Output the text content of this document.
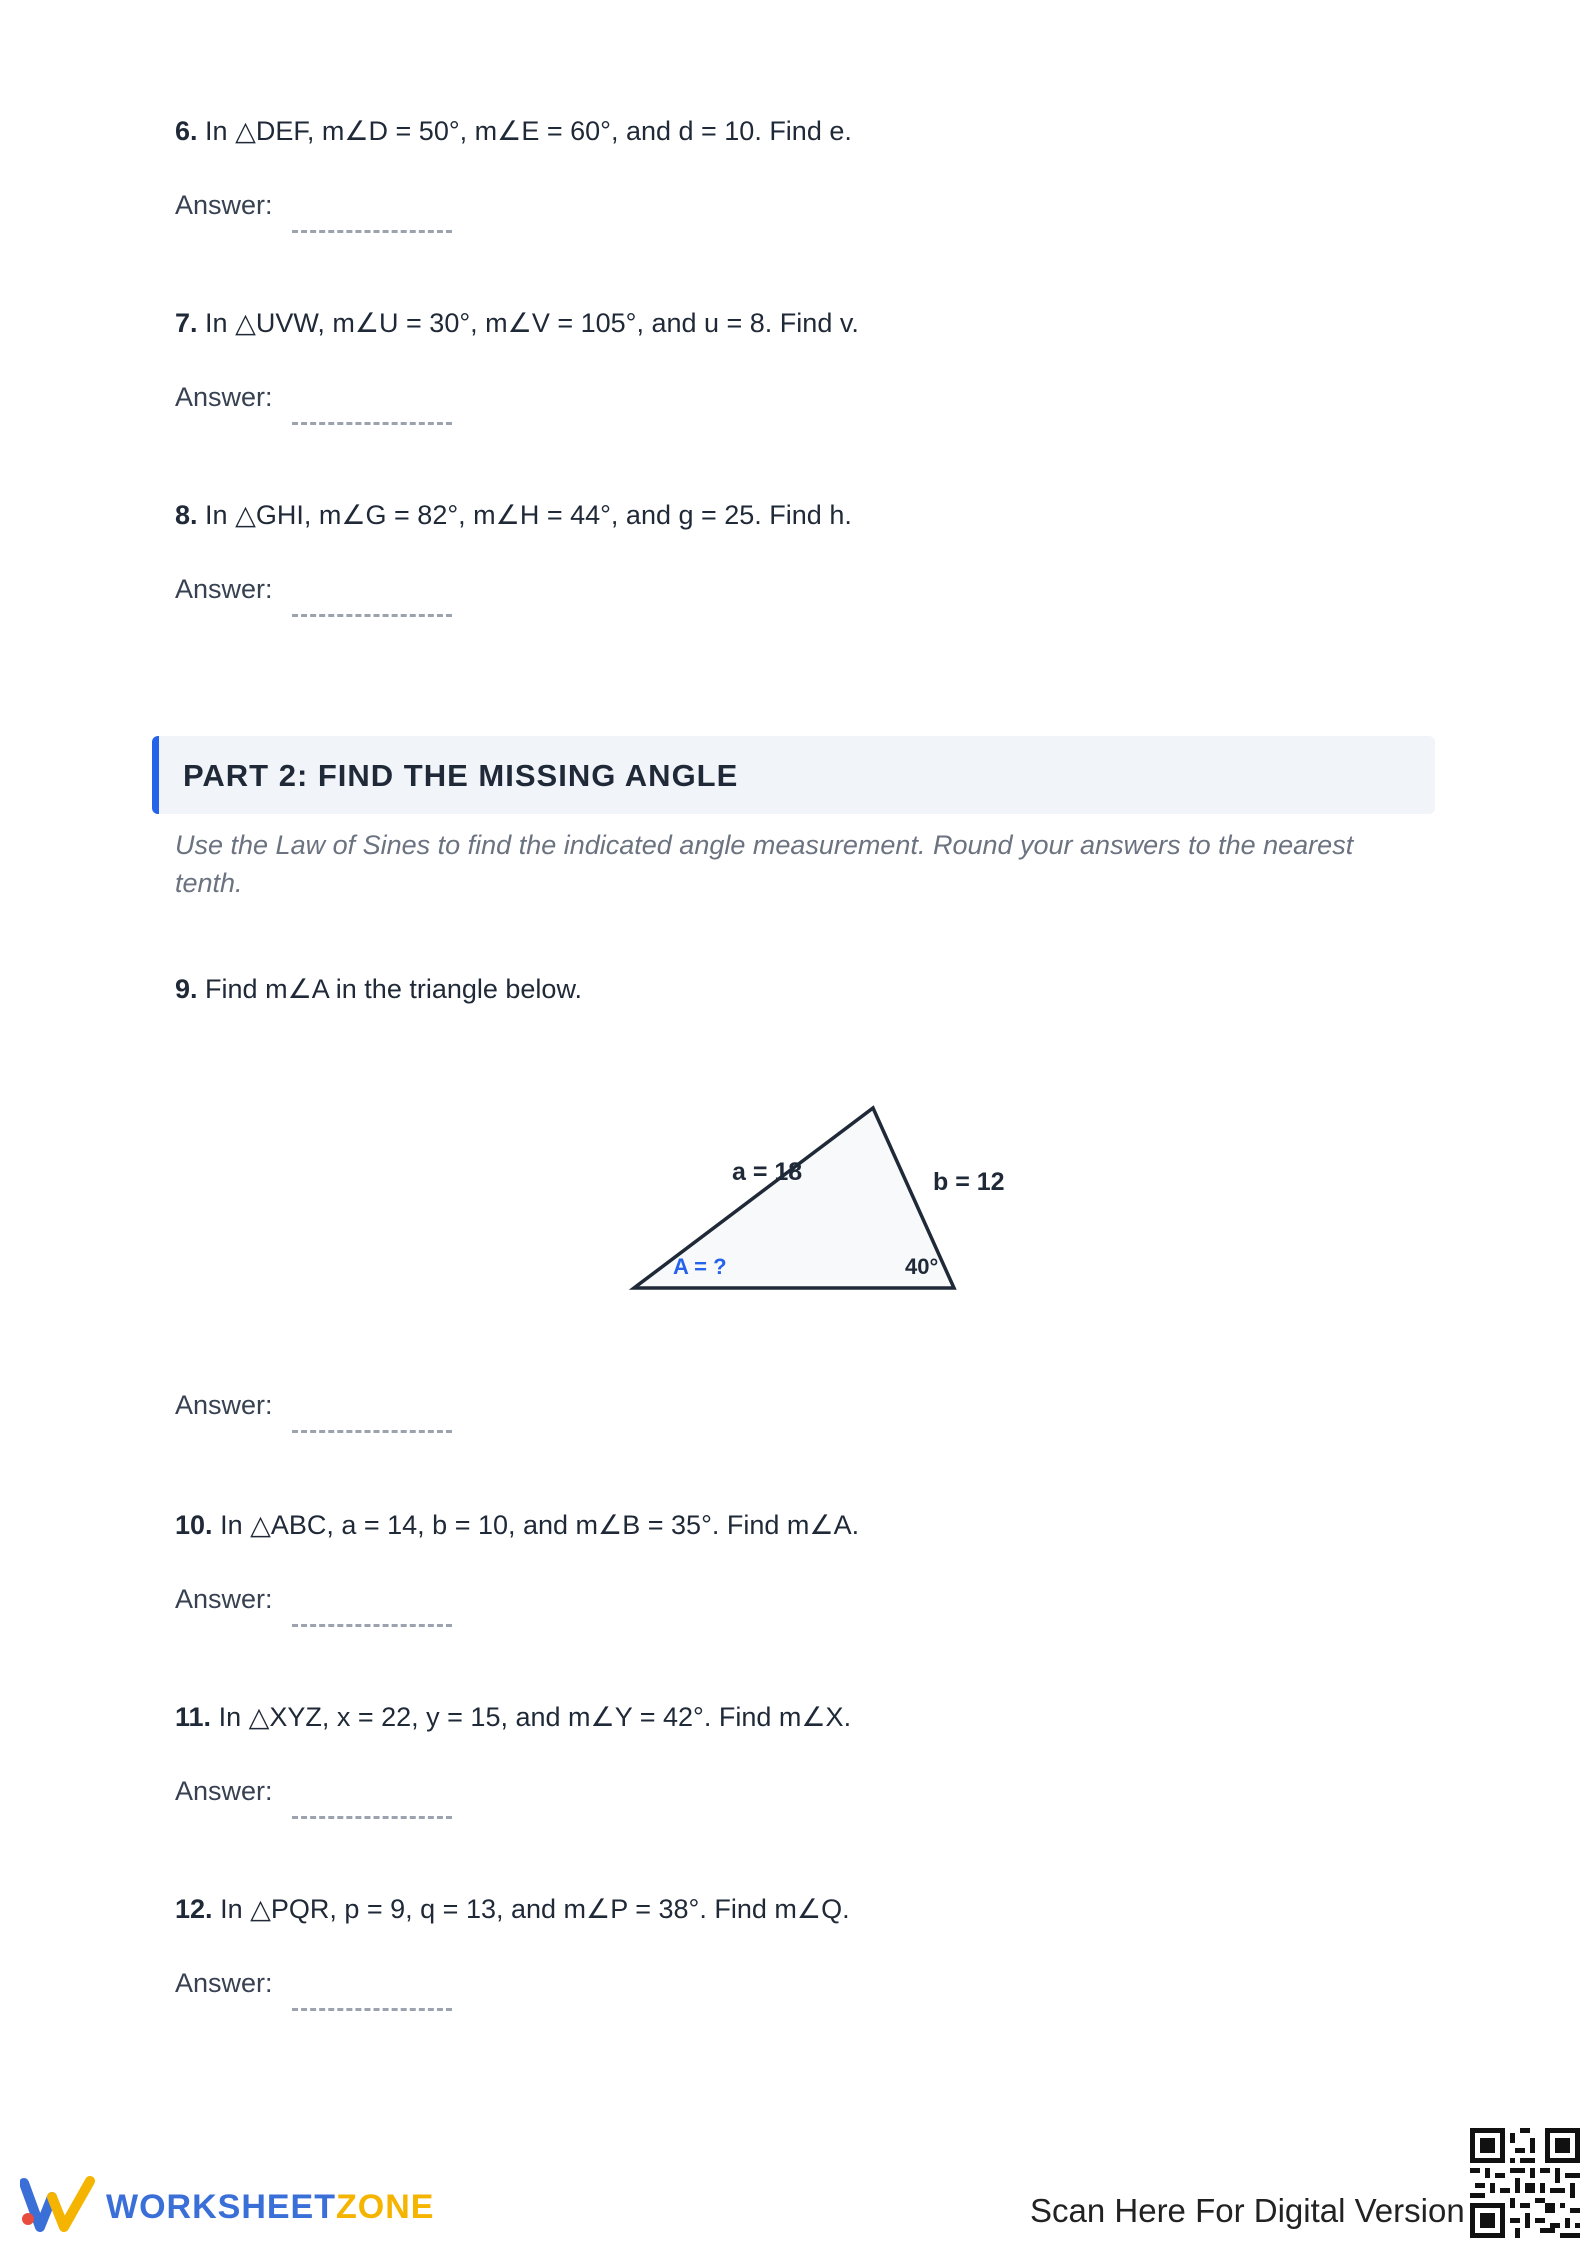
6. In △DEF, m∠D = 50°, m∠E = 60°, and d = 10. Find e.
Answer:
7. In △UVW, m∠U = 30°, m∠V = 105°, and u = 8. Find v.
Answer:
8. In △GHI, m∠G = 82°, m∠H = 44°, and g = 25. Find h.
Answer:
PART 2: FIND THE MISSING ANGLE
Use the Law of Sines to find the indicated angle measurement. Round your answers to the nearest tenth.
9. Find m∠A in the triangle below.
a = 18	b = 12
A = ?	40°
Answer:
10. In △ABC, a = 14, b = 10, and m∠B = 35°. Find m∠A.
Answer:
11. In △XYZ, x = 22, y = 15, and m∠Y = 42°. Find m∠X.
Answer:
12. In △PQR, p = 9, q = 13, and m∠P = 38°. Find m∠Q.
Answer:
WORKSHEETZONE	Scan Here For Digital Version
